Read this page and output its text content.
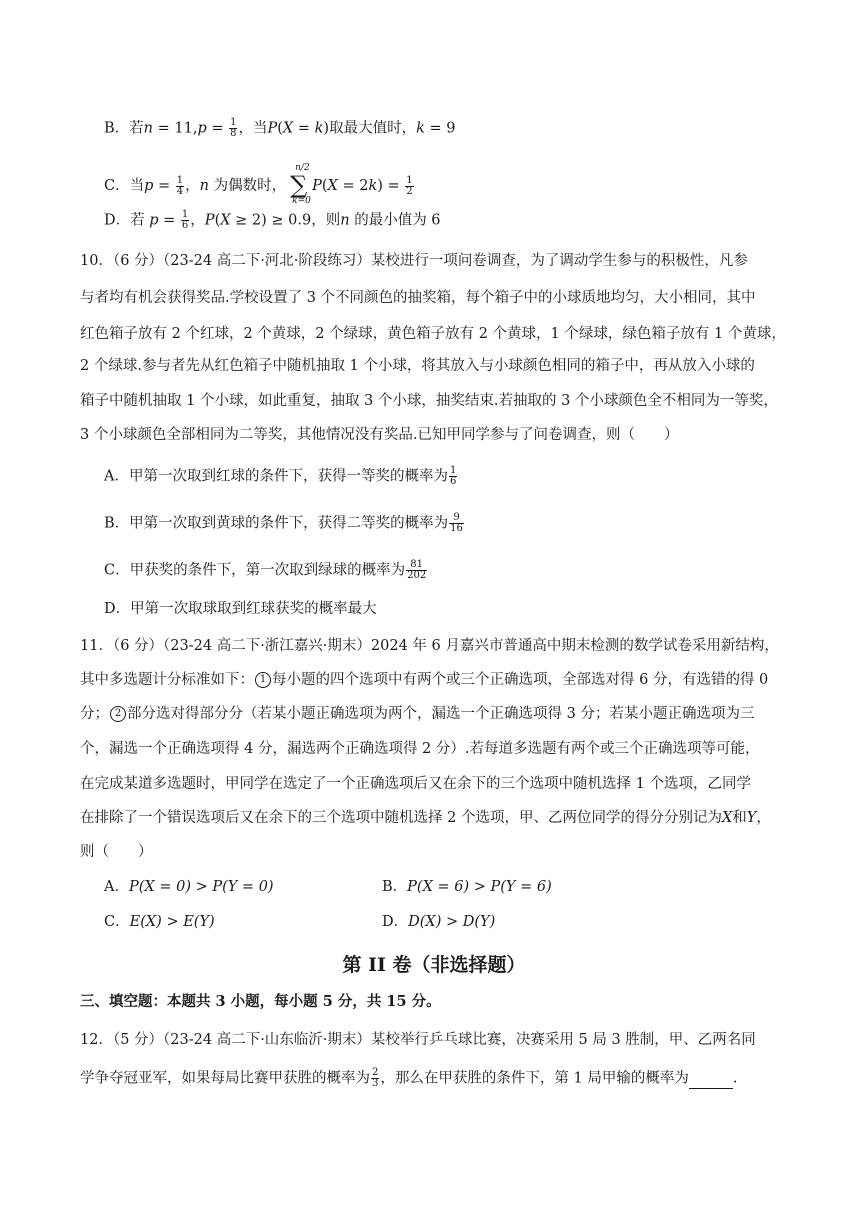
B．若$n = 11,p = \frac{1}{8}$ ，当P(X = k)取最大值时，k = 9
C．当$p = \frac{1}{4}$ ，n 为偶数时，
n/2
∑
k=0
$P(X = 2k) = \frac{1}{2}$
D．若 $p = \frac{1}{6}$ ，P(X ≥ 2) ≥ 0.9，则n 的最小值为 6
10．（6 分）（23-24 高二下·河北·阶段练习）某校进行一项问卷调查，为了调动学生参与的积极性，凡参
与者均有机会获得奖品.学校设置了 3 个不同颜色的抽奖箱，每个箱子中的小球质地均匀，大小相同，其中
红色箱子放有 2 个红球，2 个黄球，2 个绿球，黄色箱子放有 2 个黄球，1 个绿球，绿色箱子放有 1 个黄球，
2 个绿球.参与者先从红色箱子中随机抽取 1 个小球，将其放入与小球颜色相同的箱子中，再从放入小球的
箱子中随机抽取 1 个小球，如此重复，抽取 3 个小球，抽奖结束.若抽取的 3 个小球颜色全不相同为一等奖，
3 个小球颜色全部相同为二等奖，其他情况没有奖品.已知甲同学参与了问卷调查，则（　　）
A．甲第一次取到红球的条件下，获得一等奖的概率为 $\frac{1}{6}$
B．甲第一次取到黄球的条件下，获得二等奖的概率为 $\frac{9}{16}$
C．甲获奖的条件下，第一次取到绿球的概率为 $\frac{81}{202}$
D．甲第一次取球取到红球获奖的概率最大
11．（6 分）（23-24 高二下·浙江嘉兴·期末）2024 年 6 月嘉兴市普通高中期末检测的数学试卷采用新结构，
其中多选题计分标准如下： 1 每小题的四个选项中有两个或三个正确选项，全部选对得 6 分，有选错的得 0
分； 2 部分选对得部分分（若某小题正确选项为两个，漏选一个正确选项得 3 分；若某小题正确选项为三
个，漏选一个正确选项得 4 分，漏选两个正确选项得 2 分）.若每道多选题有两个或三个正确选项等可能，
在完成某道多选题时，甲同学在选定了一个正确选项后又在余下的三个选项中随机选择 1 个选项，乙同学
在排除了一个错误选项后又在余下的三个选项中随机选择 2 个选项，甲、乙两位同学的得分分别记为X和Y，
则（　　）
A．P(X = 0) > P(Y = 0)	B．P(X = 6) > P(Y = 6)
C．E(X) > E(Y)	D．D(X) > D(Y)
第 II 卷（非选择题）
三、填空题：本题共 3 小题，每小题 5 分，共 15 分。
12．（5 分）（23-24 高二下·山东临沂·期末）某校举行乒乓球比赛，决赛采用 5 局 3 胜制，甲、乙两名同
学争夺冠亚军，如果每局比赛甲获胜的概率为 $\frac{2}{3}$ ，那么在甲获胜的条件下，第 1 局甲输的概率为	.
